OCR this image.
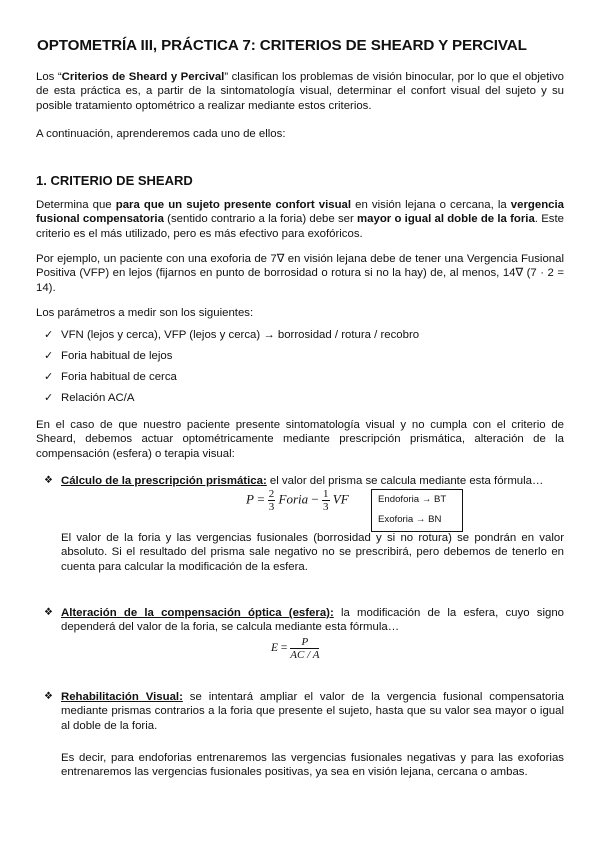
OPTOMETRÍA III, PRÁCTICA 7: CRITERIOS DE SHEARD Y PERCIVAL

Los “Criterios de Sheard y Percival” clasifican los problemas de visión binocular, por lo que el objetivo de esta práctica es, a partir de la sintomatología visual, determinar el confort visual del sujeto y su posible tratamiento optométrico a realizar mediante estos criterios.

A continuación, aprenderemos cada uno de ellos:

1. CRITERIO DE SHEARD

Determina que para que un sujeto presente confort visual en visión lejana o cercana, la vergencia fusional compensatoria (sentido contrario a la foria) debe ser mayor o igual al doble de la foria. Este criterio es el más utilizado, pero es más efectivo para exofóricos.

Por ejemplo, un paciente con una exoforia de 7∇ en visión lejana debe de tener una Vergencia Fusional Positiva (VFP) en lejos (fijarnos en punto de borrosidad o rotura si no la hay) de, al menos, 14∇ (7 · 2 = 14).

Los parámetros a medir son los siguientes:

✓ VFN (lejos y cerca), VFP (lejos y cerca) → borrosidad / rotura / recobro
✓ Foria habitual de lejos
✓ Foria habitual de cerca
✓ Relación AC/A

En el caso de que nuestro paciente presente sintomatología visual y no cumpla con el criterio de Sheard, debemos actuar optométricamente mediante prescripción prismática, alteración de la compensación (esfera) o terapia visual:

❖ Cálculo de la prescripción prismática: el valor del prisma se calcula mediante esta fórmula…
$P = \frac{2}{3}$ Foria − $\frac{1}{3}$ VF	Endoforia → BT
Exoforia → BN

El valor de la foria y las vergencias fusionales (borrosidad y si no rotura) se pondrán en valor absoluto. Si el resultado del prisma sale negativo no se prescribirá, pero debemos de tenerlo en cuenta para calcular la modificación de la esfera.

❖ Alteración de la compensación óptica (esfera): la modificación de la esfera, cuyo signo dependerá del valor de la foria, se calcula mediante esta fórmula…
$E = \frac{P}{AC / A}$
❖ Rehabilitación Visual: se intentará ampliar el valor de la vergencia fusional compensatoria mediante prismas contrarios a la foria que presente el sujeto, hasta que su valor sea mayor o igual al doble de la foria.

Es decir, para endoforias entrenaremos las vergencias fusionales negativas y para las exoforias entrenaremos las vergencias fusionales positivas, ya sea en visión lejana, cercana o ambas.
